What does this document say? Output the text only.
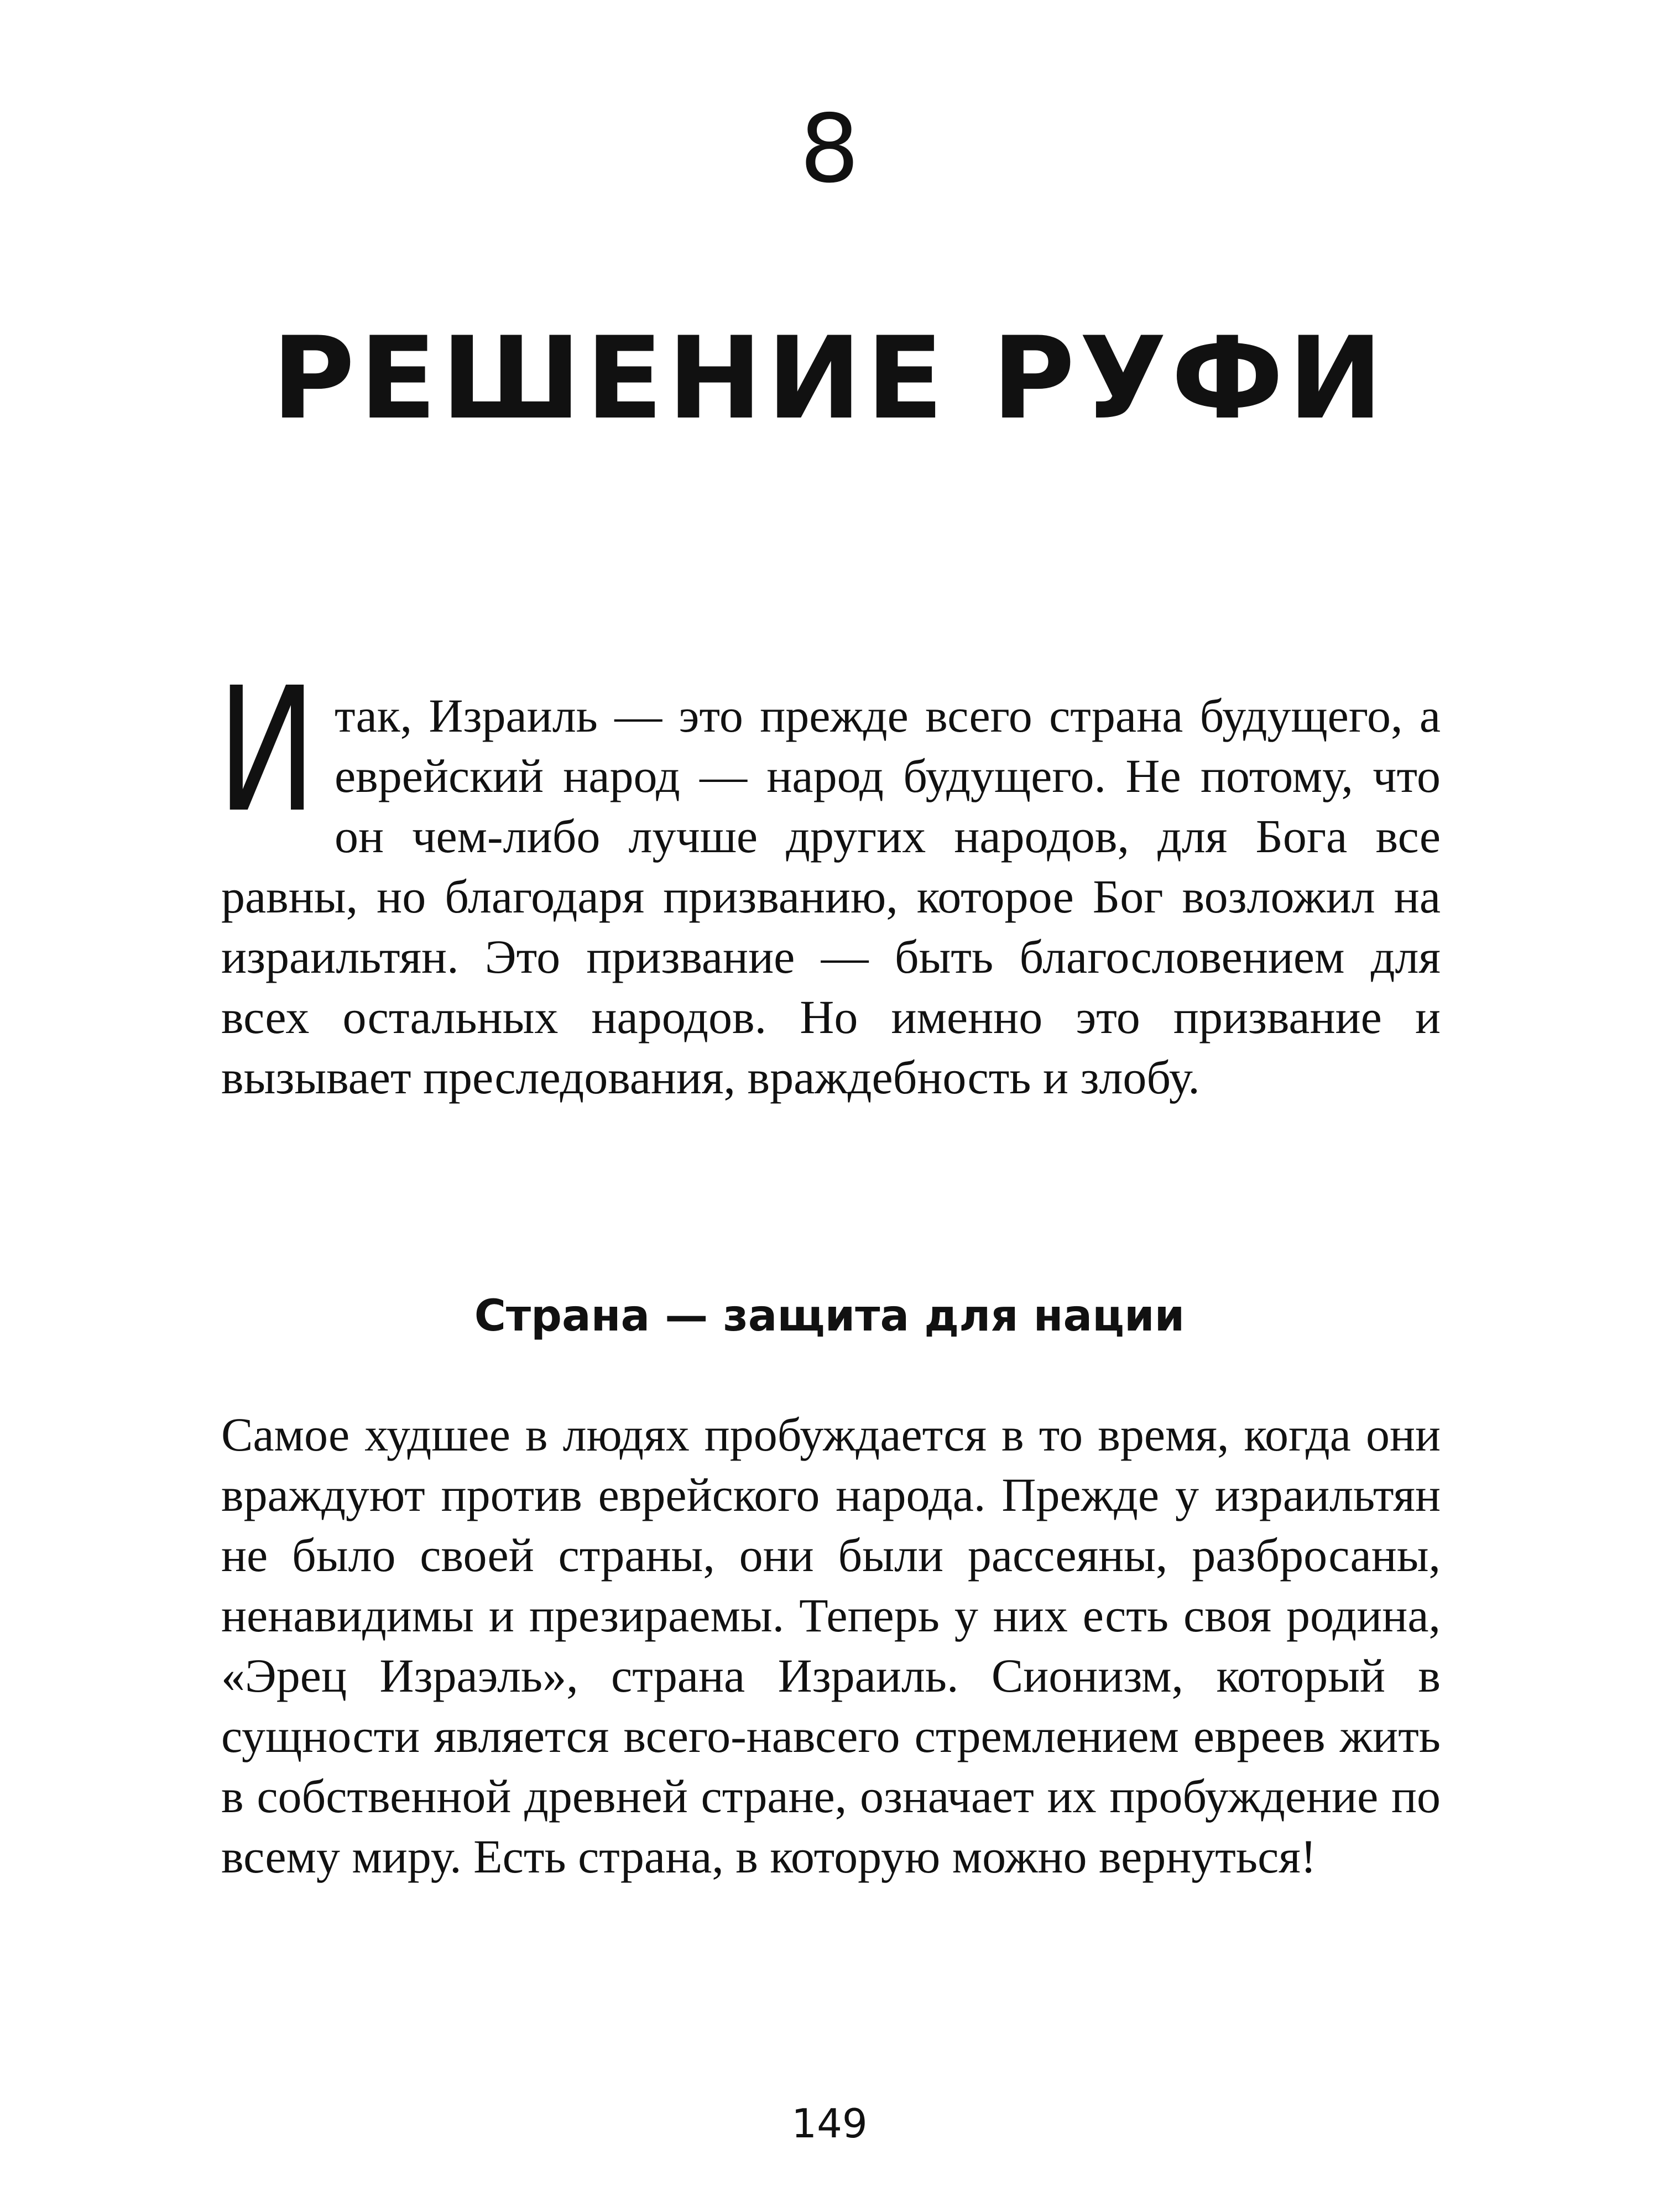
8
РЕШЕНИЕ РУФИ

И так, Израиль — это прежде всего страна будущего, а еврейский народ — народ будущего. Не потому, что он чем-либо лучше других народов, для Бога все равны, но благодаря призванию, которое Бог возложил на израильтян. Это призвание — быть благословением для всех остальных народов. Но именно это призвание и вызывает преследования, враждебность и злобу.

Страна — защита для нации

Самое худшее в людях пробуждается в то время, когда они враждуют против еврейского народа. Прежде у израильтян не было своей страны, они были рассеяны, разбросаны, ненавидимы и презираемы. Теперь у них есть своя родина, «Эрец Израэль», страна Израиль. Сионизм, который в сущности является всего-навсего стремлением евреев жить в собственной древней стране, означает их пробуждение по всему миру. Есть страна, в которую можно вернуться!

149
